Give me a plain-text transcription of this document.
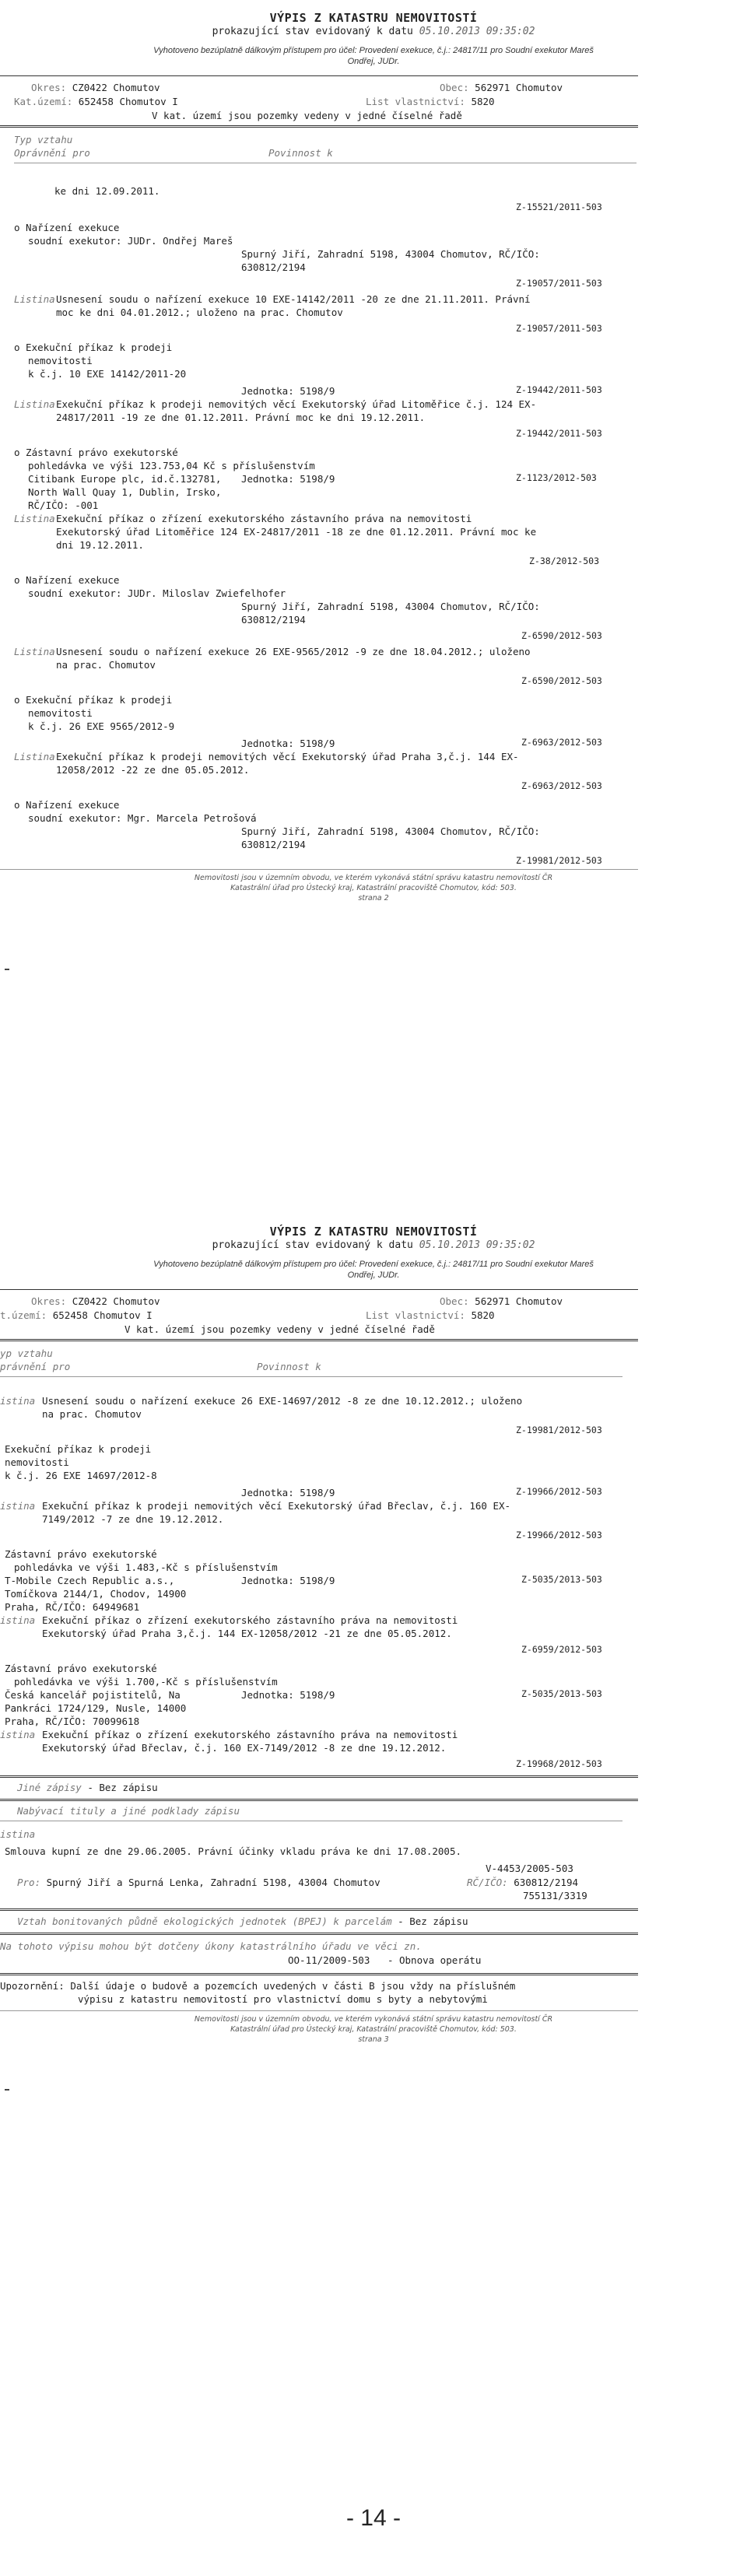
VÝPIS Z KATASTRU NEMOVITOSTÍ
prokazující stav evidovaný k datu 05.10.2013 09:35:02
Vyhotoveno bezúplatně dálkovým přístupem pro účel: Provedení exekuce, č.j.: 24817/11 pro Soudní exekutor Mareš
Ondřej, JUDr.
Okres: CZ0422 Chomutov	Obec: 562971 Chomutov
Kat.území: 652458 Chomutov I	List vlastnictví: 5820
V kat. území jsou pozemky vedeny v jedné číselné řadě
Typ vztahu
Oprávnění pro	Povinnost k
ke dni 12.09.2011.
Z-15521/2011-503
o Nařízení exekuce
soudní exekutor: JUDr. Ondřej Mareš
Spurný Jiří, Zahradní 5198, 43004 Chomutov, RČ/IČO:
630812/2194
Z-19057/2011-503
Listina Usnesení soudu o nařízení exekuce 10 EXE-14142/2011 -20 ze dne 21.11.2011. Právní
moc ke dni 04.01.2012.; uloženo na prac. Chomutov
Z-19057/2011-503
o Exekuční příkaz k prodeji
nemovitosti
k č.j. 10 EXE 14142/2011-20
Jednotka: 5198/9	Z-19442/2011-503
Listina Exekuční příkaz k prodeji nemovitých věcí Exekutorský úřad Litoměřice č.j. 124 EX-
24817/2011 -19 ze dne 01.12.2011. Právní moc ke dni 19.12.2011.
Z-19442/2011-503
o Zástavní právo exekutorské
pohledávka ve výši 123.753,04 Kč s příslušenstvím
Citibank Europe plc, id.č.132781, Jednotka: 5198/9	Z-1123/2012-503
North Wall Quay 1, Dublin, Irsko,
RČ/IČO: -001
Listina Exekuční příkaz o zřízení exekutorského zástavního práva na nemovitosti
Exekutorský úřad Litoměřice 124 EX-24817/2011 -18 ze dne 01.12.2011. Právní moc ke
dni 19.12.2011.
Z-38/2012-503
o Nařízení exekuce
soudní exekutor: JUDr. Miloslav Zwiefelhofer
Spurný Jiří, Zahradní 5198, 43004 Chomutov, RČ/IČO:
630812/2194
Z-6590/2012-503
Listina Usnesení soudu o nařízení exekuce 26 EXE-9565/2012 -9 ze dne 18.04.2012.; uloženo
na prac. Chomutov
Z-6590/2012-503
o Exekuční příkaz k prodeji
nemovitosti
k č.j. 26 EXE 9565/2012-9
Jednotka: 5198/9	Z-6963/2012-503
Listina Exekuční příkaz k prodeji nemovitých věcí Exekutorský úřad Praha 3,č.j. 144 EX-
12058/2012 -22 ze dne 05.05.2012.
Z-6963/2012-503
o Nařízení exekuce
soudní exekutor: Mgr. Marcela Petrošová
Spurný Jiří, Zahradní 5198, 43004 Chomutov, RČ/IČO:
630812/2194
Z-19981/2012-503
Nemovitosti jsou v územním obvodu, ve kterém vykonává státní správu katastru nemovitostí ČR
Katastrální úřad pro Ústecký kraj, Katastrální pracoviště Chomutov, kód: 503.
strana 2
VÝPIS Z KATASTRU NEMOVITOSTÍ
prokazující stav evidovaný k datu 05.10.2013 09:35:02
Vyhotoveno bezúplatně dálkovým přístupem pro účel: Provedení exekuce, č.j.: 24817/11 pro Soudní exekutor Mareš
Ondřej, JUDr.
Okres: CZ0422 Chomutov	Obec: 562971 Chomutov
t.území: 652458 Chomutov I	List vlastnictví: 5820
V kat. území jsou pozemky vedeny v jedné číselné řadě
yp vztahu
právnění pro	Povinnost k
istina Usnesení soudu o nařízení exekuce 26 EXE-14697/2012 -8 ze dne 10.12.2012.; uloženo
na prac. Chomutov
Z-19981/2012-503
Exekuční příkaz k prodeji
nemovitosti
k č.j. 26 EXE 14697/2012-8
Jednotka: 5198/9	Z-19966/2012-503
istina Exekuční příkaz k prodeji nemovitých věcí Exekutorský úřad Břeclav, č.j. 160 EX-
7149/2012 -7 ze dne 19.12.2012.
Z-19966/2012-503
Zástavní právo exekutorské
pohledávka ve výši 1.483,-Kč s příslušenstvím
T-Mobile Czech Republic a.s.,	Jednotka: 5198/9	Z-5035/2013-503
Tomíčkova 2144/1, Chodov, 14900
Praha, RČ/IČO: 64949681
istina Exekuční příkaz o zřízení exekutorského zástavního práva na nemovitosti
Exekutorský úřad Praha 3,č.j. 144 EX-12058/2012 -21 ze dne 05.05.2012.
Z-6959/2012-503
Zástavní právo exekutorské
pohledávka ve výši 1.700,-Kč s příslušenstvím
Česká kancelář pojistitelů, Na	Jednotka: 5198/9	Z-5035/2013-503
Pankráci 1724/129, Nusle, 14000
Praha, RČ/IČO: 70099618
istina Exekuční příkaz o zřízení exekutorského zástavního práva na nemovitosti
Exekutorský úřad Břeclav, č.j. 160 EX-7149/2012 -8 ze dne 19.12.2012.
Z-19968/2012-503
Jiné zápisy - Bez zápisu
Nabývací tituly a jiné podklady zápisu
istina
Smlouva kupní ze dne 29.06.2005. Právní účinky vkladu práva ke dni 17.08.2005.
V-4453/2005-503
Pro: Spurný Jiří a Spurná Lenka, Zahradní 5198, 43004 Chomutov	RČ/IČO: 630812/2194
755131/3319
Vztah bonitovaných půdně ekologických jednotek (BPEJ) k parcelám - Bez zápisu
Na tohoto výpisu mohou být dotčeny úkony katastrálního úřadu ve věci zn.
OO-11/2009-503 - Obnova operátu
Upozornění: Další údaje o budově a pozemcích uvedených v části B jsou vždy na příslušném
výpisu z katastru nemovitostí pro vlastnictví domu s byty a nebytovými
Nemovitosti jsou v územním obvodu, ve kterém vykonává státní správu katastru nemovitostí ČR
Katastrální úřad pro Ústecký kraj, Katastrální pracoviště Chomutov, kód: 503.
strana 3
- 14 -
